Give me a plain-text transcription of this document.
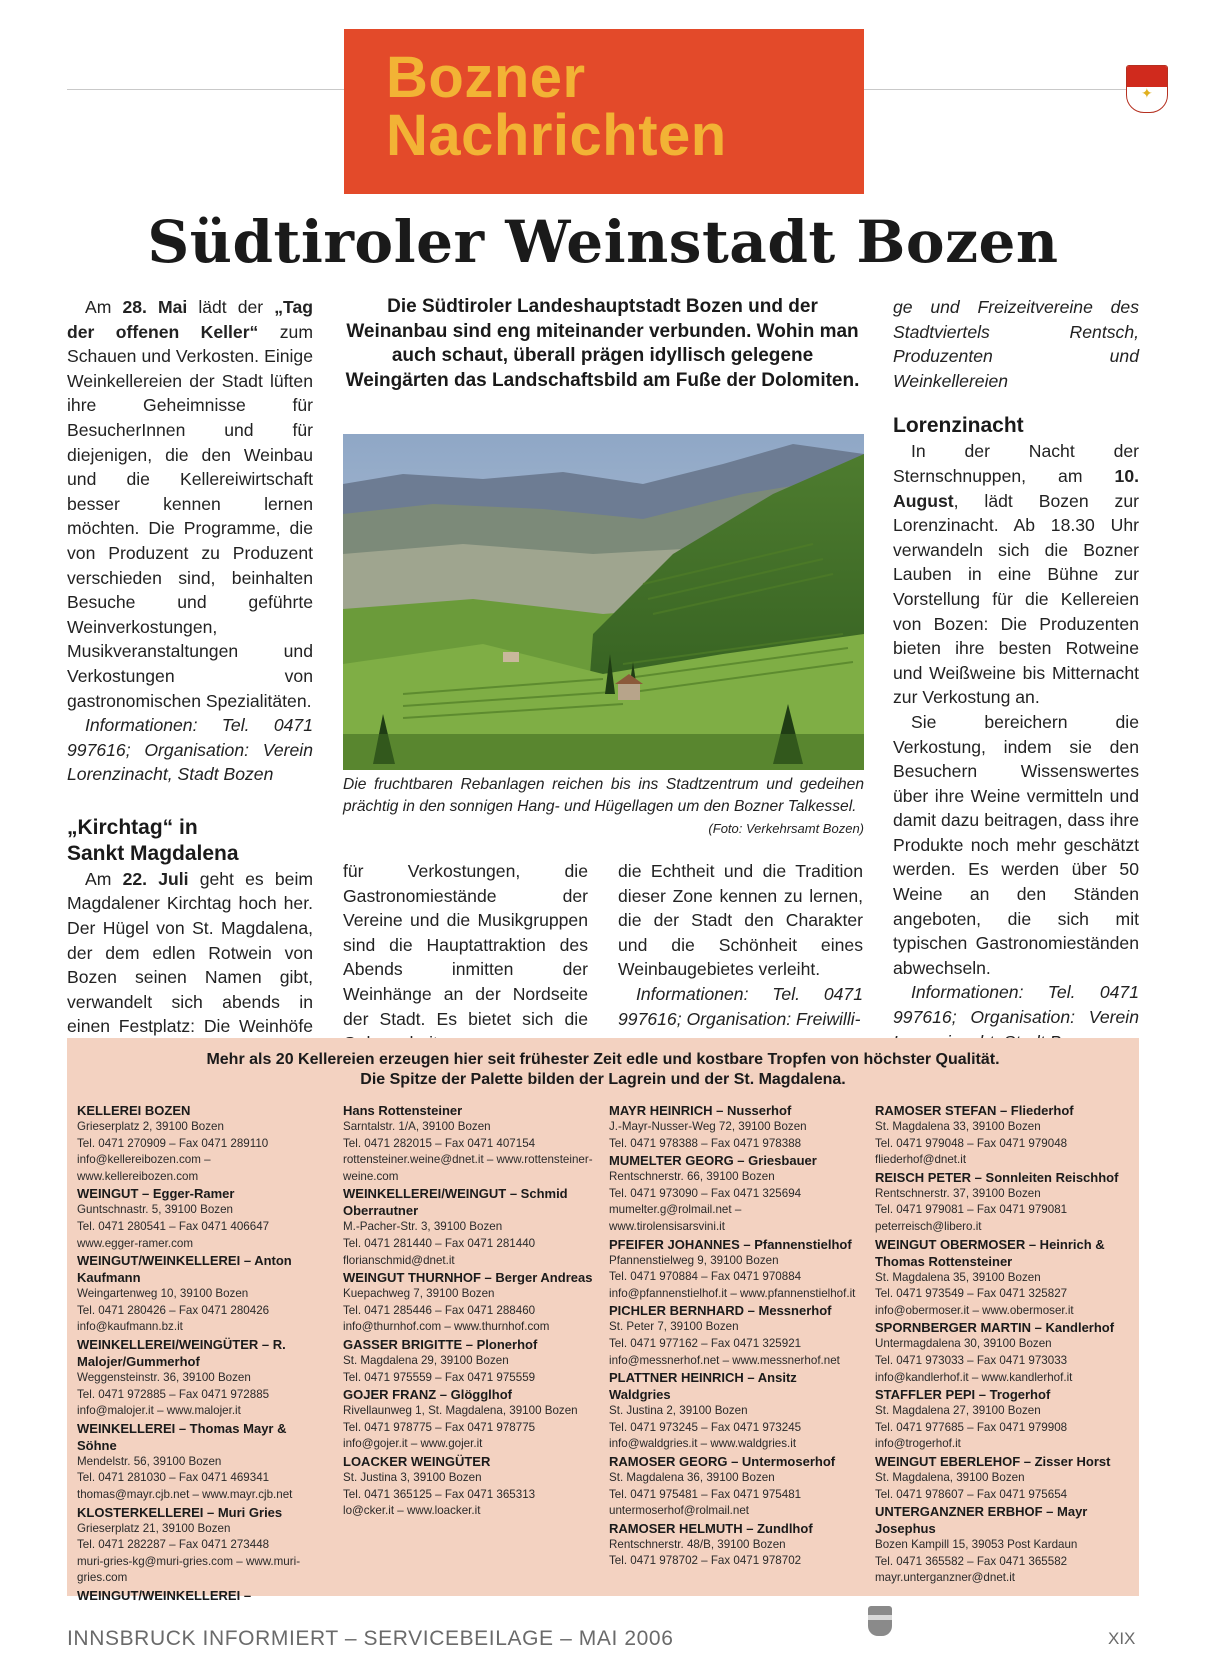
Bozner
Nachrichten
✦
Südtiroler Weinstadt Bozen

Am 28. Mai lädt der „Tag der offenen Keller“ zum Schauen und Verkosten. Einige Weinkellereien der Stadt lüften ihre Geheimnisse für BesucherInnen und für diejenigen, die den Weinbau und die Kellereiwirtschaft besser kennen lernen möchten. Die Programme, die von Produzent zu Produzent verschieden sind, beinhalten Besuche und geführte Weinverkostungen, Musikveranstaltungen und Verkostungen von gastronomischen Spezialitäten.

Informationen: Tel. 0471 997616; Organisation: Verein Lorenzinacht, Stadt Bozen

„Kirchtag“ in
Sankt Magdalena

Am 22. Juli geht es beim Magdalener Kirchtag hoch her. Der Hügel von St. Magdalena, der dem edlen Rotwein von Bozen seinen Namen gibt, verwandelt sich abends in einen Festplatz: Die Weinhöfe

Die Südtiroler Landeshauptstadt Bozen und der Weinanbau sind eng miteinander verbunden. Wohin man auch schaut, überall prägen idyllisch gelegene Weingärten das Landschaftsbild am Fuße der Dolomiten.
Die fruchtbaren Rebanlagen reichen bis ins Stadtzentrum und gedeihen prächtig in den sonnigen Hang- und Hügellagen um den Bozner Talkessel.
(Foto: Verkehrsamt Bozen)

für Verkostungen, die Gastronomiestände der Vereine und die Musikgruppen sind die Hauptattraktion des Abends inmitten der Weinhänge an der Nordseite der Stadt. Es bietet sich die

die Echtheit und die Tradition dieser Zone kennen zu lernen, die der Stadt den Charakter und die Schönheit eines Weinbaugebietes verleiht.

Informationen: Tel. 0471 997616; Organisation: Freiwilli-

ge und Freizeitvereine des Stadtviertels Rentsch, Produzenten und Weinkellereien

Lorenzinacht

In der Nacht der Sternschnuppen, am 10. August, lädt Bozen zur Lorenzinacht. Ab 18.30 Uhr verwandeln sich die Bozner Lauben in eine Bühne zur Vorstellung für die Kellereien von Bozen: Die Produzenten bieten ihre besten Rotweine und Weißweine bis Mitternacht zur Verkostung an.

Sie bereichern die Verkostung, indem sie den Besuchern Wissenswertes über ihre Weine vermitteln und damit dazu beitragen, dass ihre Produkte noch mehr geschätzt werden. Es werden über 50 Weine an den Ständen angeboten, die sich mit typischen Gastronomieständen abwechseln.

Informationen: Tel. 0471 997616; Organisation: Verein

Mehr als 20 Kellereien erzeugen hier seit frühester Zeit edle und kostbare Tropfen von höchster Qualität.
Die Spitze der Palette bilden der Lagrein und der St. Magdalena.
KELLEREI BOZEN
Grieserplatz 2, 39100 Bozen
Tel. 0471 270909 – Fax 0471 289110
info@kellereibozen.com – www.kellereibozen.com
WEINGUT – Egger-Ramer
Guntschnastr. 5, 39100 Bozen
Tel. 0471 280541 – Fax 0471 406647
www.egger-ramer.com
WEINGUT/WEINKELLEREI – Anton Kaufmann
Weingartenweg 10, 39100 Bozen
Tel. 0471 280426 – Fax 0471 280426
info@kaufmann.bz.it
WEINKELLEREI/WEINGÜTER – R. Malojer/Gummerhof
Weggensteinstr. 36, 39100 Bozen
Tel. 0471 972885 – Fax 0471 972885
info@malojer.it – www.malojer.it
WEINKELLEREI – Thomas Mayr & Söhne
Mendelstr. 56, 39100 Bozen
Tel. 0471 281030 – Fax 0471 469341
thomas@mayr.cjb.net – www.mayr.cjb.net
KLOSTERKELLEREI – Muri Gries
Grieserplatz 21, 39100 Bozen
Tel. 0471 282287 – Fax 0471 273448
muri-gries-kg@muri-gries.com – www.muri-gries.com
WEINGUT/WEINKELLEREI –
Hans Rottensteiner
Sarntalstr. 1/A, 39100 Bozen
Tel. 0471 282015 – Fax 0471 407154
rottensteiner.weine@dnet.it – www.rottensteiner-weine.com
WEINKELLEREI/WEINGUT – Schmid Oberrautner
M.-Pacher-Str. 3, 39100 Bozen
Tel. 0471 281440 – Fax 0471 281440
florianschmid@dnet.it
WEINGUT THURNHOF – Berger Andreas
Kuepachweg 7, 39100 Bozen
Tel. 0471 285446 – Fax 0471 288460
info@thurnhof.com – www.thurnhof.com
GASSER BRIGITTE – Plonerhof
St. Magdalena 29, 39100 Bozen
Tel. 0471 975559 – Fax 0471 975559
GOJER FRANZ – Glögglhof
Rivellaunweg 1, St. Magdalena, 39100 Bozen
Tel. 0471 978775 – Fax 0471 978775
info@gojer.it – www.gojer.it
LOACKER WEINGÜTER
St. Justina 3, 39100 Bozen
Tel. 0471 365125 – Fax 0471 365313
lo@cker.it – www.loacker.it
MAYR HEINRICH – Nusserhof
J.-Mayr-Nusser-Weg 72, 39100 Bozen
Tel. 0471 978388 – Fax 0471 978388
MUMELTER GEORG – Griesbauer
Rentschnerstr. 66, 39100 Bozen
Tel. 0471 973090 – Fax 0471 325694
mumelter.g@rolmail.net – www.tirolensisarsvini.it
PFEIFER JOHANNES – Pfannenstielhof
Pfannenstielweg 9, 39100 Bozen
Tel. 0471 970884 – Fax 0471 970884
info@pfannenstielhof.it – www.pfannenstielhof.it
PICHLER BERNHARD – Messnerhof
St. Peter 7, 39100 Bozen
Tel. 0471 977162 – Fax 0471 325921
info@messnerhof.net – www.messnerhof.net
PLATTNER HEINRICH – Ansitz Waldgries
St. Justina 2, 39100 Bozen
Tel. 0471 973245 – Fax 0471 973245
info@waldgries.it – www.waldgries.it
RAMOSER GEORG – Untermoserhof
St. Magdalena 36, 39100 Bozen
Tel. 0471 975481 – Fax 0471 975481
untermoserhof@rolmail.net
RAMOSER HELMUTH – Zundlhof
Rentschnerstr. 48/B, 39100 Bozen
Tel. 0471 978702 – Fax 0471 978702
RAMOSER STEFAN – Fliederhof
St. Magdalena 33, 39100 Bozen
Tel. 0471 979048 – Fax 0471 979048
fliederhof@dnet.it
REISCH PETER – Sonnleiten Reischhof
Rentschnerstr. 37, 39100 Bozen
Tel. 0471 979081 – Fax 0471 979081
peterreisch@libero.it
WEINGUT OBERMOSER – Heinrich & Thomas Rottensteiner
St. Magdalena 35, 39100 Bozen
Tel. 0471 973549 – Fax 0471 325827
info@obermoser.it – www.obermoser.it
SPORNBERGER MARTIN – Kandlerhof
Untermagdalena 30, 39100 Bozen
Tel. 0471 973033 – Fax 0471 973033
info@kandlerhof.it – www.kandlerhof.it
STAFFLER PEPI – Trogerhof
St. Magdalena 27, 39100 Bozen
Tel. 0471 977685 – Fax 0471 979908
info@trogerhof.it
WEINGUT EBERLEHOF – Zisser Horst
St. Magdalena, 39100 Bozen
Tel. 0471 978607 – Fax 0471 975654
UNTERGANZNER ERBHOF – Mayr Josephus
Bozen Kampill 15, 39053 Post Kardaun
Tel. 0471 365582 – Fax 0471 365582
mayr.unterganzner@dnet.it
INNSBRUCK INFORMIERT – SERVICEBEILAGE – MAI 2006	XIX
